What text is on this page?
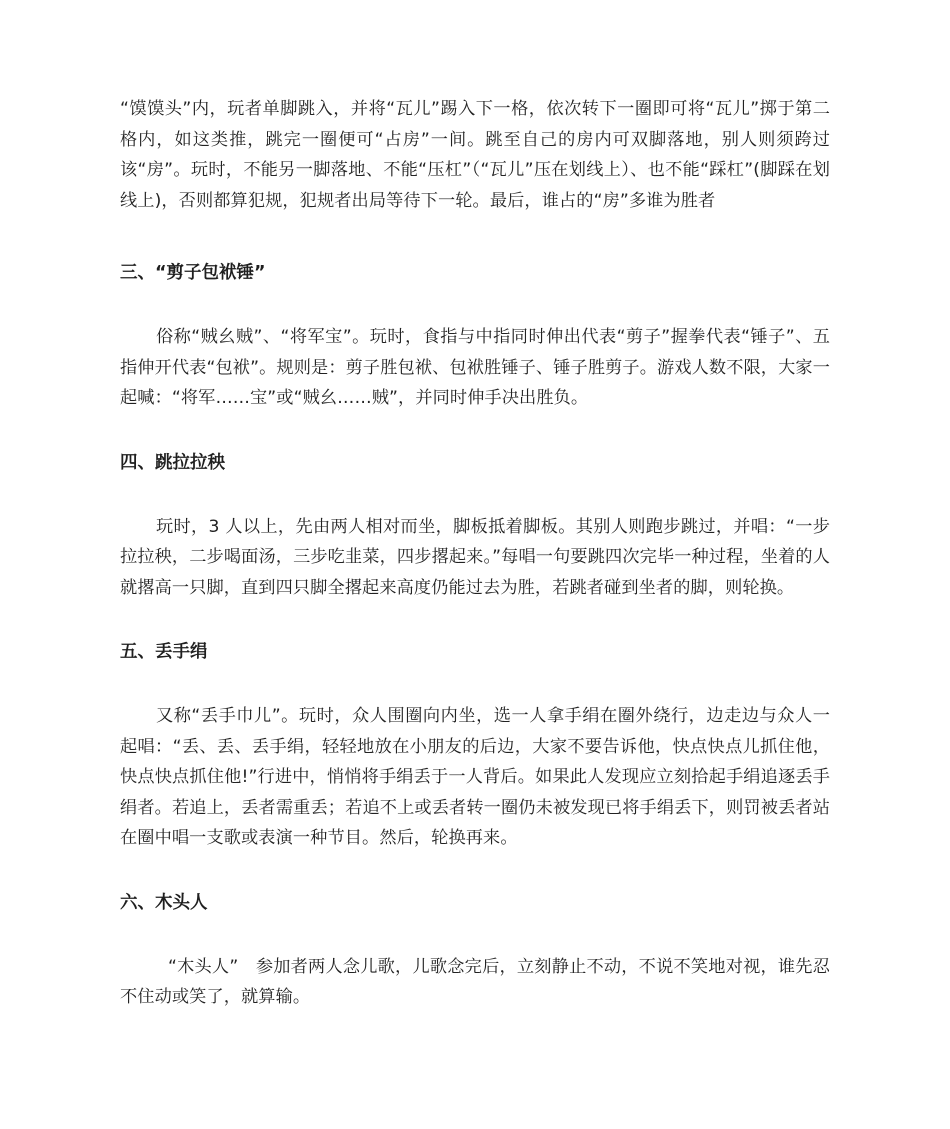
“馍馍头”内，玩者单脚跳入，并将“瓦儿”踢入下一格，依次转下一圈即可将“瓦儿”掷于第二格内，如这类推，跳完一圈便可“占房”一间。跳至自己的房内可双脚落地，别人则须跨过该“房”。玩时，不能另一脚落地、不能“压杠”（“瓦儿”压在划线上）、也不能“踩杠”(脚踩在划线上)，否则都算犯规，犯规者出局等待下一轮。最后，谁占的“房”多谁为胜者

三、“剪子包袱锤”

俗称“贼幺贼”、“将军宝”。玩时，食指与中指同时伸出代表“剪子”握拳代表“锤子”、五指伸开代表“包袱”。规则是：剪子胜包袱、包袱胜锤子、锤子胜剪子。游戏人数不限，大家一起喊：“将军……宝”或“贼幺……贼”，并同时伸手决出胜负。

四、跳拉拉秧

玩时，3 人以上，先由两人相对而坐，脚板抵着脚板。其别人则跑步跳过，并唱：“一步拉拉秧，二步喝面汤，三步吃韭菜，四步撂起来。”每唱一句要跳四次完毕一种过程，坐着的人就撂高一只脚，直到四只脚全撂起来高度仍能过去为胜，若跳者碰到坐者的脚，则轮换。

五、丢手绢

又称“丢手巾儿”。玩时，众人围圈向内坐，选一人拿手绢在圈外绕行，边走边与众人一起唱：“丢、丢、丢手绢，轻轻地放在小朋友的后边，大家不要告诉他，快点快点儿抓住他，快点快点抓住他!”行进中，悄悄将手绢丢于一人背后。如果此人发现应立刻拾起手绢追逐丢手绢者。若追上，丢者需重丢；若追不上或丢者转一圈仍未被发现已将手绢丢下，则罚被丢者站在圈中唱一支歌或表演一种节目。然后，轮换再来。

六、木头人

“木头人”　参加者两人念儿歌，儿歌念完后，立刻静止不动，不说不笑地对视，谁先忍不住动或笑了，就算输。
